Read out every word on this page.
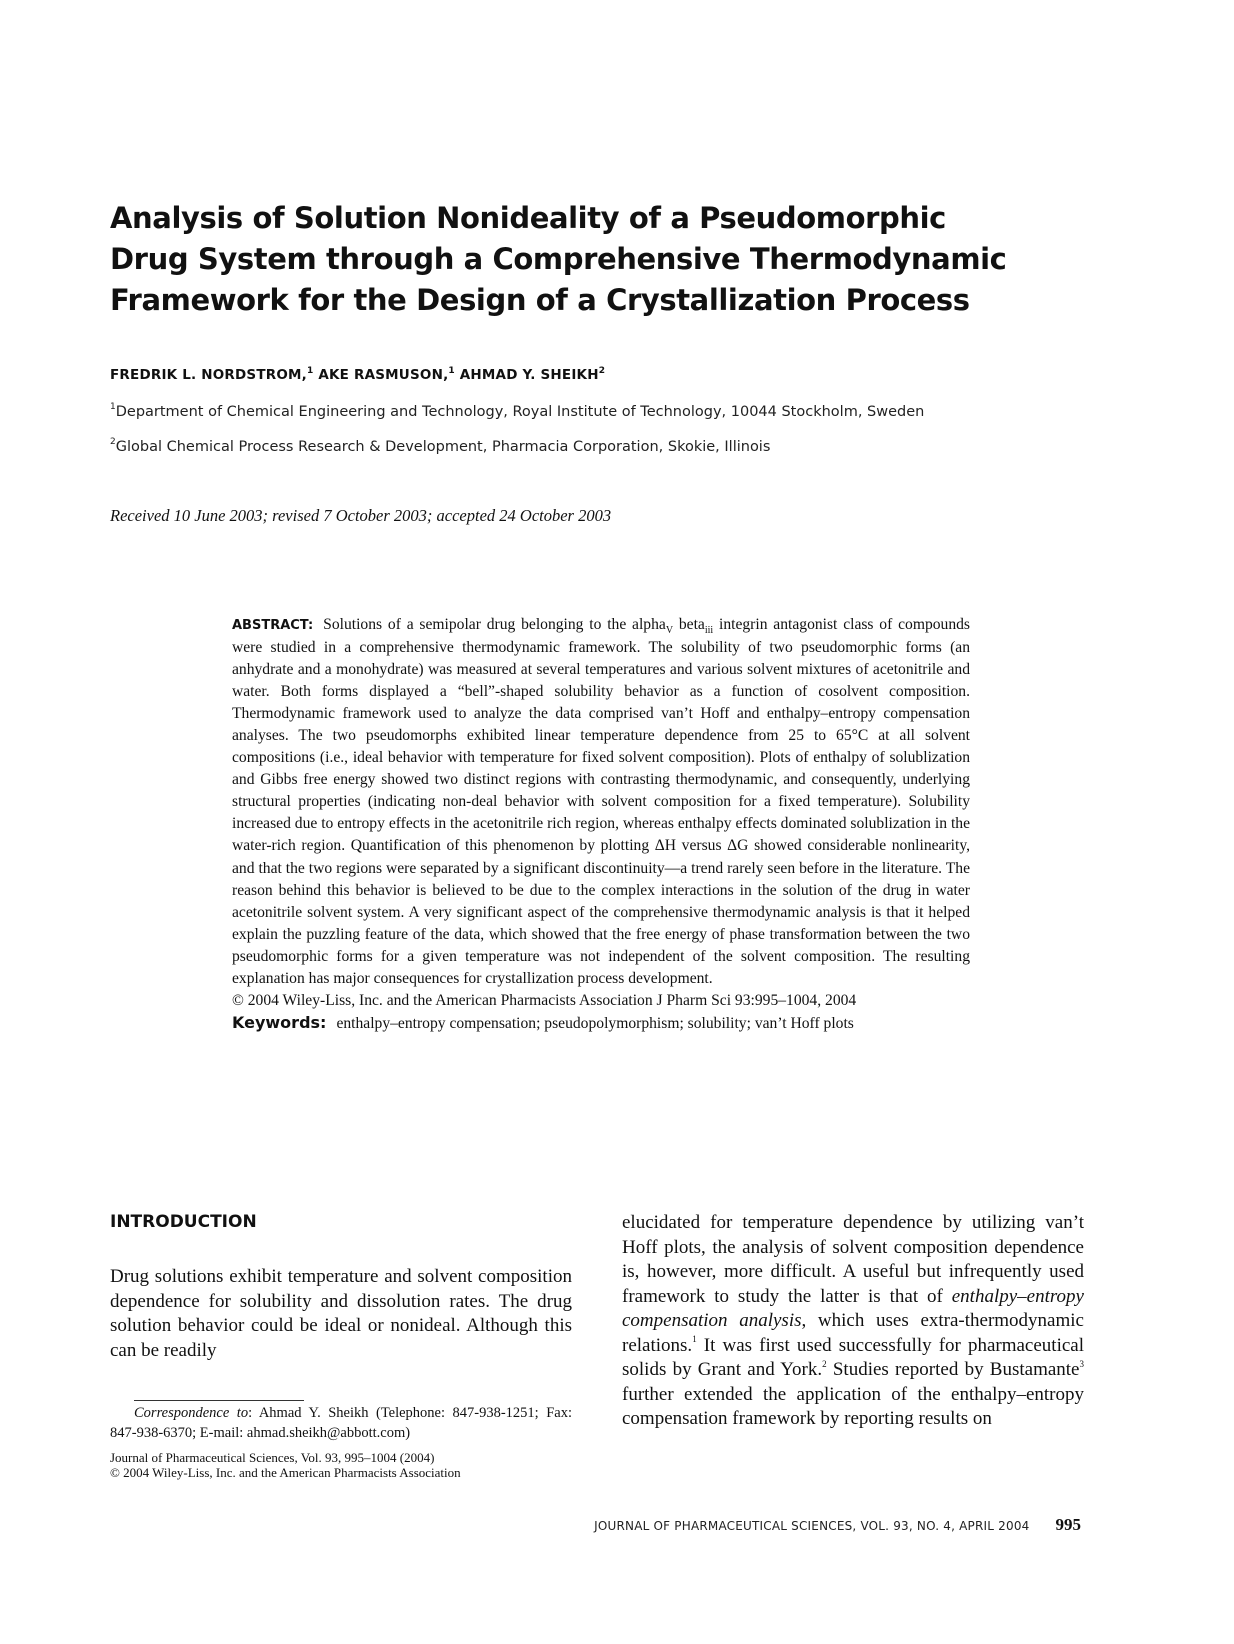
Analysis of Solution Nonideality of a Pseudomorphic
Drug System through a Comprehensive Thermodynamic
Framework for the Design of a Crystallization Process
FREDRIK L. NORDSTROM,$^1$ AKE RASMUSON,$^1$ AHMAD Y. SHEIKH$^2$
$^1$Department of Chemical Engineering and Technology, Royal Institute of Technology, 10044 Stockholm, Sweden
$^2$Global Chemical Process Research & Development, Pharmacia Corporation, Skokie, Illinois
Received 10 June 2003; revised 7 October 2003; accepted 24 October 2003

ABSTRACT: Solutions of a semipolar drug belonging to the alpha$_V$ beta$_{iii}$ integrin antagonist class of compounds were studied in a comprehensive thermodynamic framework. The solubility of two pseudomorphic forms (an anhydrate and a monohydrate) was measured at several temperatures and various solvent mixtures of acetonitrile and water. Both forms displayed a “bell”-shaped solubility behavior as a function of cosolvent composition. Thermodynamic framework used to analyze the data comprised van’t Hoff and enthalpy–entropy compensation analyses. The two pseudomorphs exhibited linear temperature dependence from 25 to 65°C at all solvent compositions (i.e., ideal behavior with temperature for fixed solvent composition). Plots of enthalpy of solublization and Gibbs free energy showed two distinct regions with contrasting thermodynamic, and consequently, underlying structural properties (indicating non-deal behavior with solvent composition for a fixed temperature). Solubility increased due to entropy effects in the acetonitrile rich region, whereas enthalpy effects dominated solublization in the water-rich region. Quantification of this phenomenon by plotting ΔH versus ΔG showed considerable nonlinearity, and that the two regions were separated by a significant discontinuity—a trend rarely seen before in the literature. The reason behind this behavior is believed to be due to the complex interactions in the solution of the drug in water acetonitrile solvent system. A very significant aspect of the comprehensive thermodynamic analysis is that it helped explain the puzzling feature of the data, which showed that the free energy of phase transformation between the two pseudomorphic forms for a given temperature was not independent of the solvent composition. The resulting explanation has major consequences for crystallization process development.

© 2004 Wiley-Liss, Inc. and the American Pharmacists Association J Pharm Sci 93:995–1004, 2004

Keywords: enthalpy–entropy compensation; pseudopolymorphism; solubility; van’t Hoff plots

INTRODUCTION

Drug solutions exhibit temperature and solvent composition dependence for solubility and dissolution rates. The drug solution behavior could be ideal or nonideal. Although this can be readily

elucidated for temperature dependence by utilizing van’t Hoff plots, the analysis of solvent composition dependence is, however, more difficult. A useful but infrequently used framework to study the latter is that of enthalpy–entropy compensation analysis, which uses extra-thermodynamic relations.$^1$ It was first used successfully for pharmaceutical solids by Grant and York.$^2$ Studies reported by Bustamante$^3$ further extended the application of the enthalpy–entropy compensation framework by reporting results on

Correspondence to: Ahmad Y. Sheikh (Telephone: 847-938-1251; Fax: 847-938-6370; E-mail: ahmad.sheikh@abbott.com)

Journal of Pharmaceutical Sciences, Vol. 93, 995–1004 (2004)
© 2004 Wiley-Liss, Inc. and the American Pharmacists Association
JOURNAL OF PHARMACEUTICAL SCIENCES, VOL. 93, NO. 4, APRIL 2004 995
